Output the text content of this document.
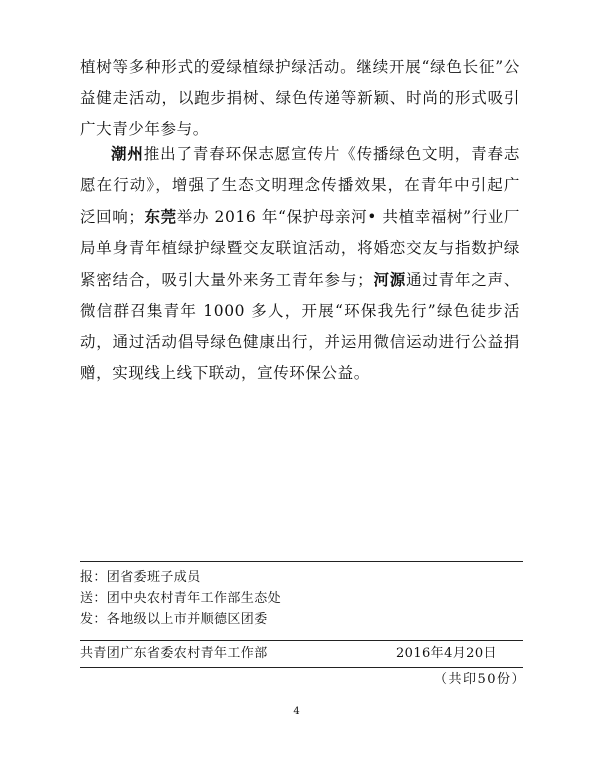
植树等多种形式的爱绿植绿护绿活动。继续开展“绿色长征”公益健走活动，以跑步捐树、绿色传递等新颖、时尚的形式吸引广大青少年参与。

潮州推出了青春环保志愿宣传片《传播绿色文明，青春志愿在行动》，增强了生态文明理念传播效果，在青年中引起广泛回响；东莞举办 2016 年“保护母亲河• 共植幸福树”行业厂局单身青年植绿护绿暨交友联谊活动，将婚恋交友与指数护绿紧密结合，吸引大量外来务工青年参与；河源通过青年之声、微信群召集青年 1000 多人，开展“环保我先行”绿色徒步活动，通过活动倡导绿色健康出行，并运用微信运动进行公益捐赠，实现线上线下联动，宣传环保公益。

报：团省委班子成员
送：团中央农村青年工作部生态处
发：各地级以上市并顺德区团委
共青团广东省委农村青年工作部	2016年4月20日
（共印50份）
4
